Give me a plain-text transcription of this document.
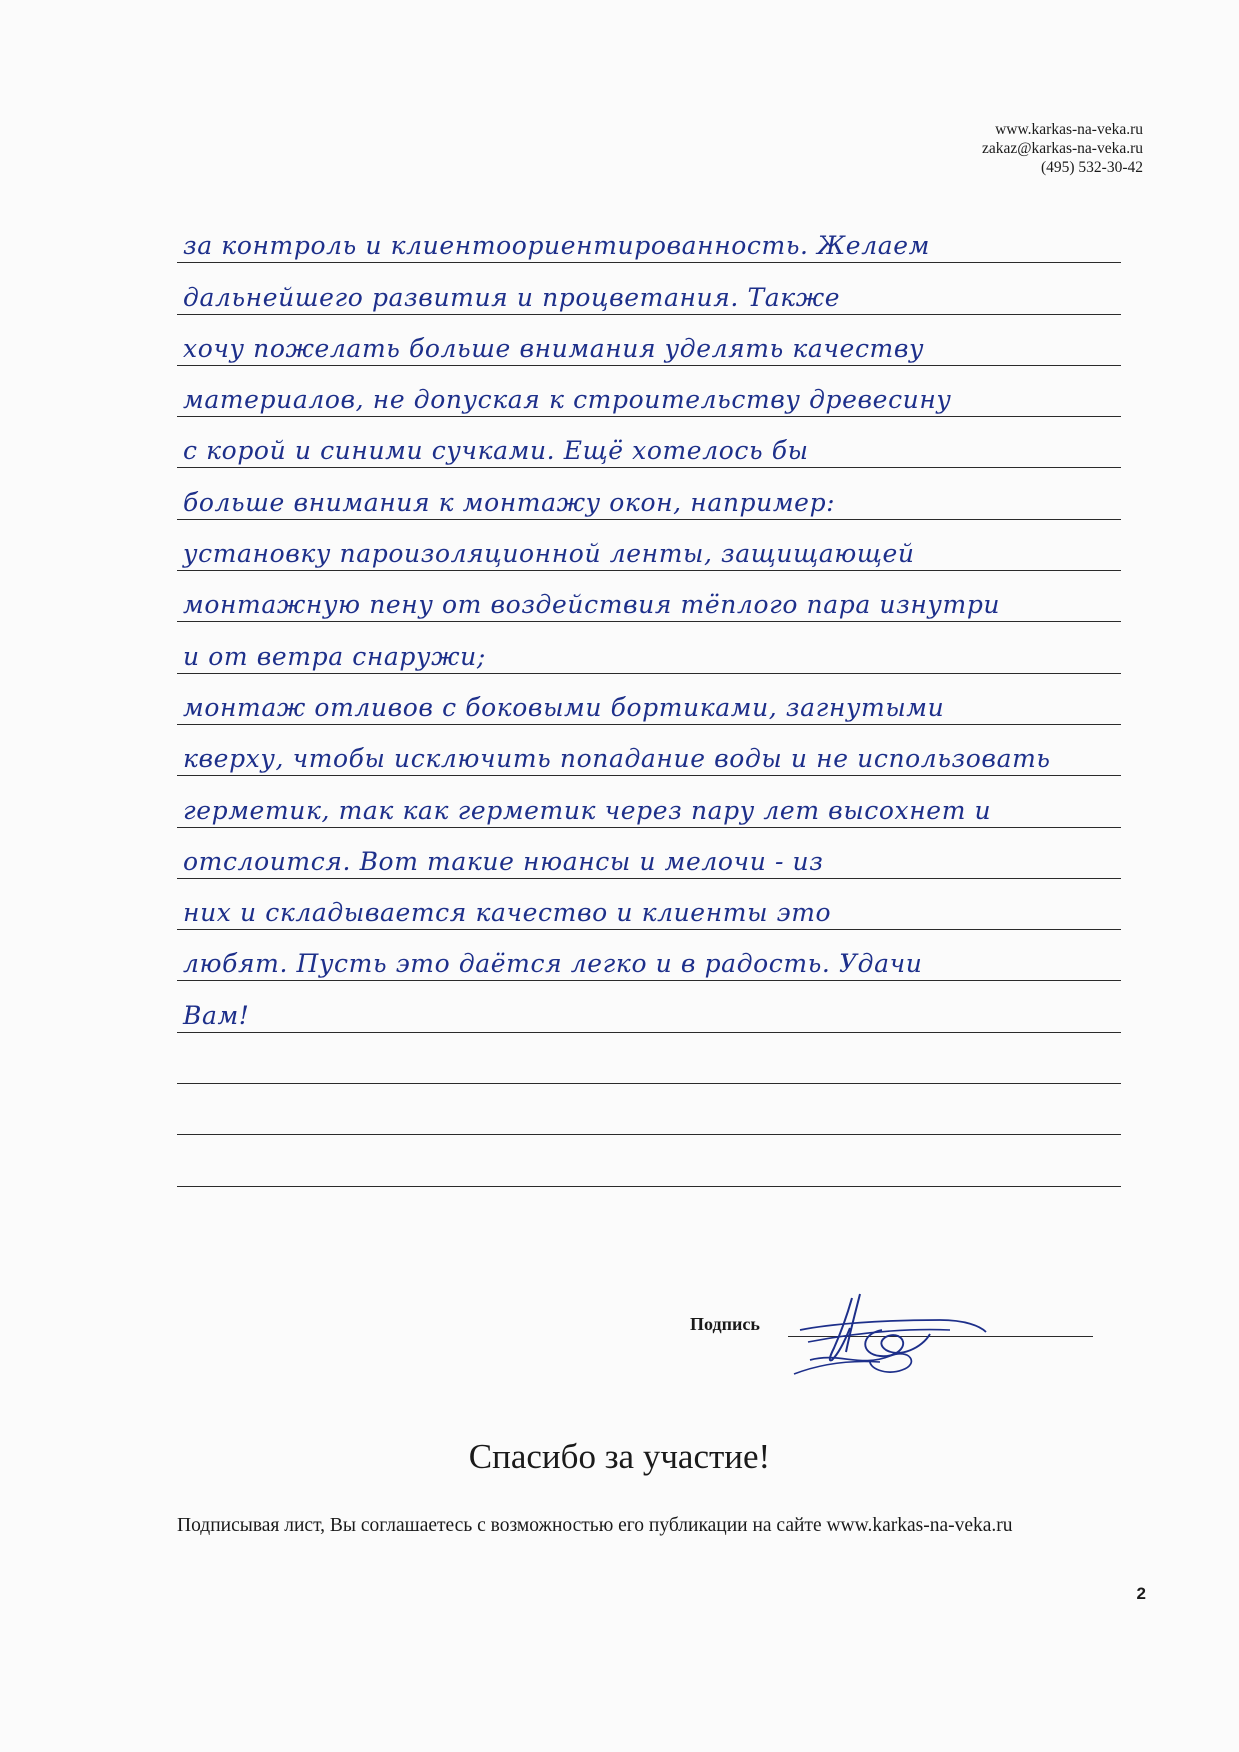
www.karkas-na-veka.ru
zakaz@karkas-na-veka.ru
(495) 532-30-42
за контроль и клиентоориентированность. Желаем
дальнейшего развития и процветания. Также
хочу пожелать больше внимания уделять качеству
материалов, не допуская к строительству древесину
с корой и синими сучками. Ещё хотелось бы
больше внимания к монтажу окон, например:
установку пароизоляционной ленты, защищающей
монтажную пену от воздействия тёплого пара изнутри
и от ветра снаружи;
монтаж отливов с боковыми бортиками, загнутыми
кверху, чтобы исключить попадание воды и не использовать
герметик, так как герметик через пару лет высохнет и
отслоится. Вот такие нюансы и мелочи - из
них и складывается качество и клиенты это
любят. Пусть это даётся легко и в радость. Удачи
Вам!
Подпись
Спасибо за участие!
Подписывая лист, Вы соглашаетесь с возможностью его публикации на сайте www.karkas-na-veka.ru
2
